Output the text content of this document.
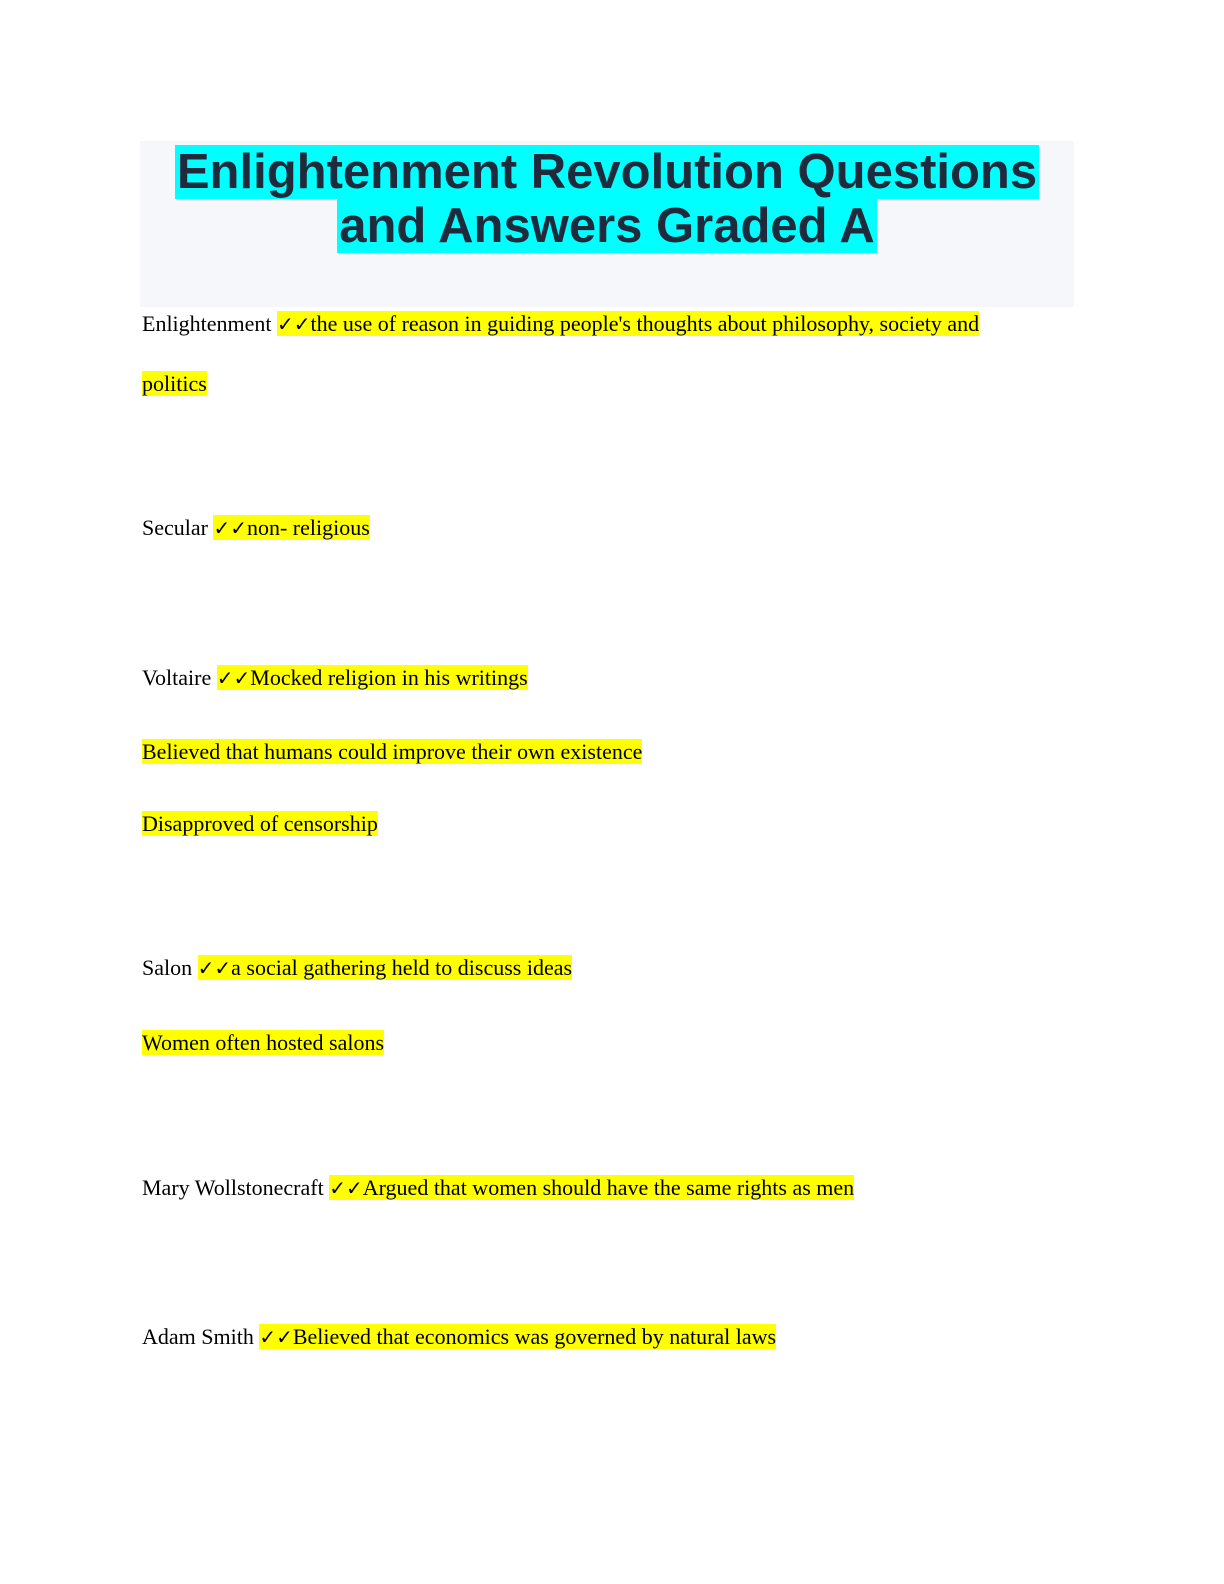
Enlightenment Revolution Questions
and Answers Graded A
Enlightenment ✓✓the use of reason in guiding people's thoughts about philosophy, society and
politics
Secular ✓✓non- religious
Voltaire ✓✓Mocked religion in his writings
Believed that humans could improve their own existence
Disapproved of censorship
Salon ✓✓a social gathering held to discuss ideas
Women often hosted salons
Mary Wollstonecraft ✓✓Argued that women should have the same rights as men
Adam Smith ✓✓Believed that economics was governed by natural laws
